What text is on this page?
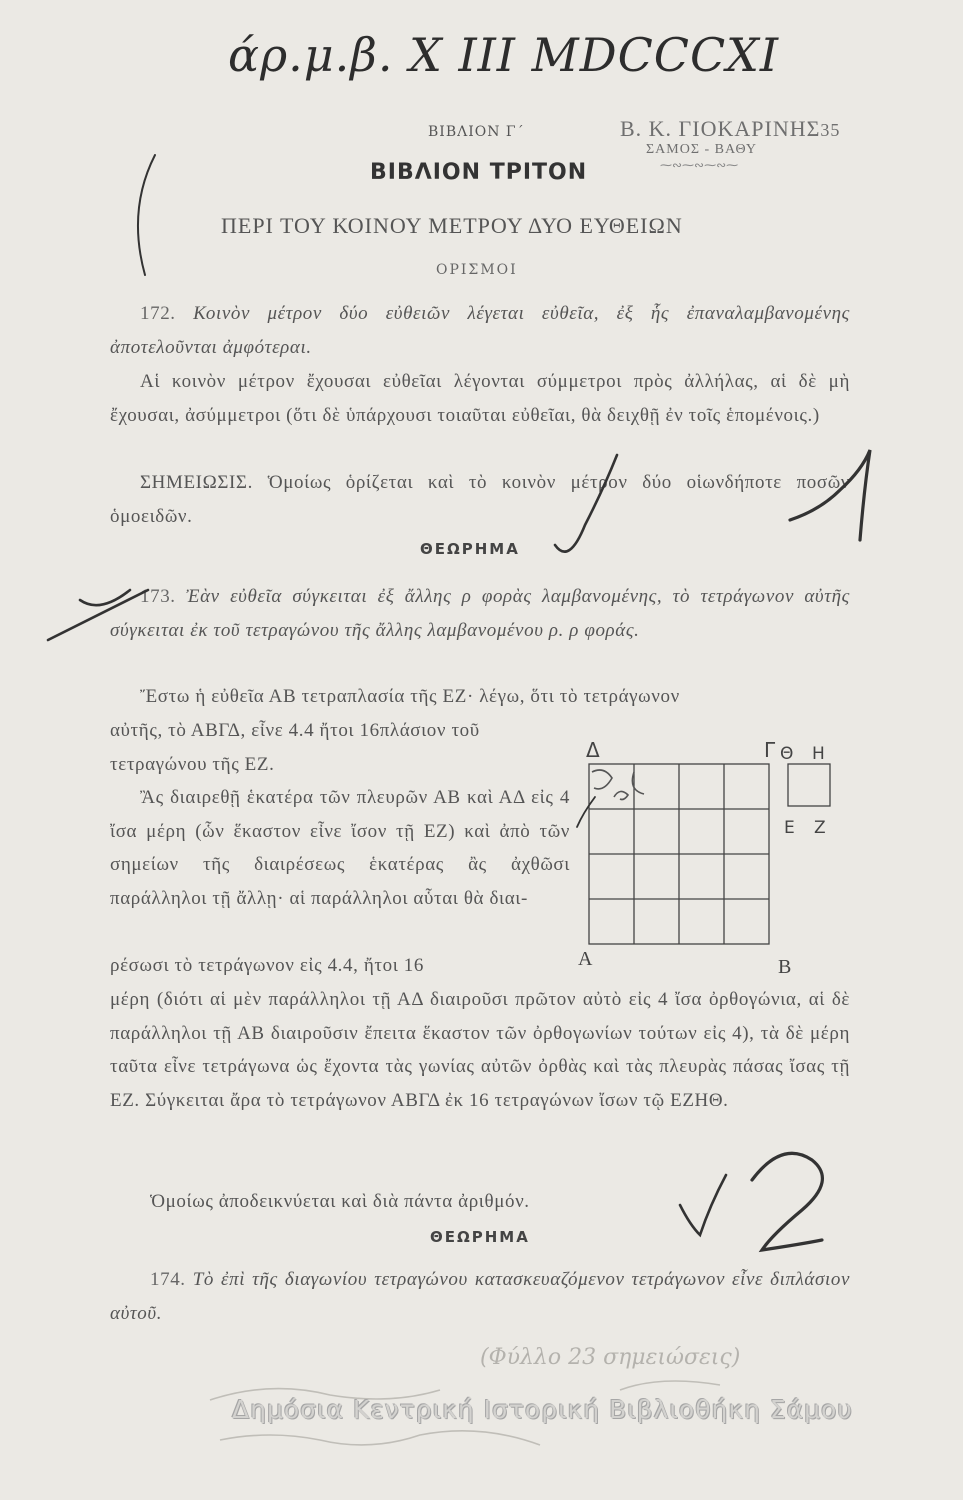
άρ.μ.β. Χ ΙΙΙ ΜDCCCXI
Β. Κ. ΓΙΟΚΑΡΙΝΗΣ35
ΣΑΜΟΣ - ΒΑΘΥ
⁓∾⁓∾⁓∾⁓
ΒΙΒΛΙΟΝ Γ΄
ΒΙΒΛΙΟΝ ΤΡΙΤΟΝ
ΠΕΡΙ ΤΟΥ ΚΟΙΝΟΥ ΜΕΤΡΟΥ ΔΥΟ ΕΥΘΕΙΩΝ
ΟΡΙΣΜΟΙ
172. Κοινὸν μέτρον δύο εὐθειῶν λέγεται εὐθεῖα, ἐξ ἧς ἐπαναλαμβανομένης ἀποτελοῦνται ἀμφότεραι.
Αἱ κοινὸν μέτρον ἔχουσαι εὐθεῖαι λέγονται σύμμετροι πρὸς ἀλλήλας, αἱ δὲ μὴ ἔχουσαι, ἀσύμμετροι (ὅτι δὲ ὑπάρχουσι τοιαῦται εὐθεῖαι, θὰ δειχθῇ ἐν τοῖς ἑπομένοις.)
ΣΗΜΕΙΩΣΙΣ. Ὁμοίως ὁρίζεται καὶ τὸ κοινὸν μέτρον δύο οἱωνδήποτε ποσῶν ὁμοειδῶν.
ΘΕΩΡΗΜΑ
173. Ἐὰν εὐθεῖα σύγκειται ἐξ ἄλλης ρ φορὰς λαμβανομένης, τὸ τετράγωνον αὐτῆς σύγκειται ἐκ τοῦ τετραγώνου τῆς ἄλλης λαμβανομένου ρ. ρ φοράς.
Ἔστω ἡ εὐθεῖα ΑΒ τετραπλασία τῆς ΕΖ· λέγω, ὅτι τὸ τετράγωνον
αὐτῆς, τὸ ΑΒΓΔ, εἶνε 4.4 ἤτοι 16πλάσιον τοῦ τετραγώνου τῆς ΕΖ.
Ἂς διαιρεθῇ ἑκατέρα τῶν πλευρῶν ΑΒ καὶ ΑΔ εἰς 4 ἴσα μέρη (ὧν ἕκαστον εἶνε ἴσον τῇ ΕΖ) καὶ ἀπὸ τῶν σημείων τῆς διαιρέσεως ἑκατέρας ἂς ἀχθῶσι παράλληλοι τῇ ἄλλῃ· αἱ παράλληλοι αὗται θὰ διαι-
ρέσωσι τὸ τετράγωνον εἰς 4.4, ἤτοι 16
μέρη (διότι αἱ μὲν παράλληλοι τῇ ΑΔ διαιροῦσι πρῶτον αὐτὸ εἰς 4 ἴσα ὀρθογώνια, αἱ δὲ παράλληλοι τῇ ΑΒ διαιροῦσιν ἔπειτα ἕκαστον τῶν ὀρθογωνίων τούτων εἰς 4), τὰ δὲ μέρη ταῦτα εἶνε τετράγωνα ὡς ἔχοντα τὰς γωνίας αὐτῶν ὀρθὰς καὶ τὰς πλευρὰς πάσας ἴσας τῇ ΕΖ. Σύγκειται ἄρα τὸ τετράγωνον ΑΒΓΔ ἐκ 16 τετραγώνων ἴσων τῷ ΕΖΗΘ.
Ὁμοίως ἀποδεικνύεται καὶ διὰ πάντα ἀριθμόν.
ΘΕΩΡΗΜΑ
174. Τὸ ἐπὶ τῆς διαγωνίου τετραγώνου κατασκευαζόμενον τετράγωνον εἶνε διπλάσιον αὐτοῦ.
Δ	Γ Θ Η
Ε Ζ
Α	Β
(Φύλλο 23 σημειώσεις)
Δημόσια Κεντρική Ιστορική Βιβλιοθήκη Σάμου
